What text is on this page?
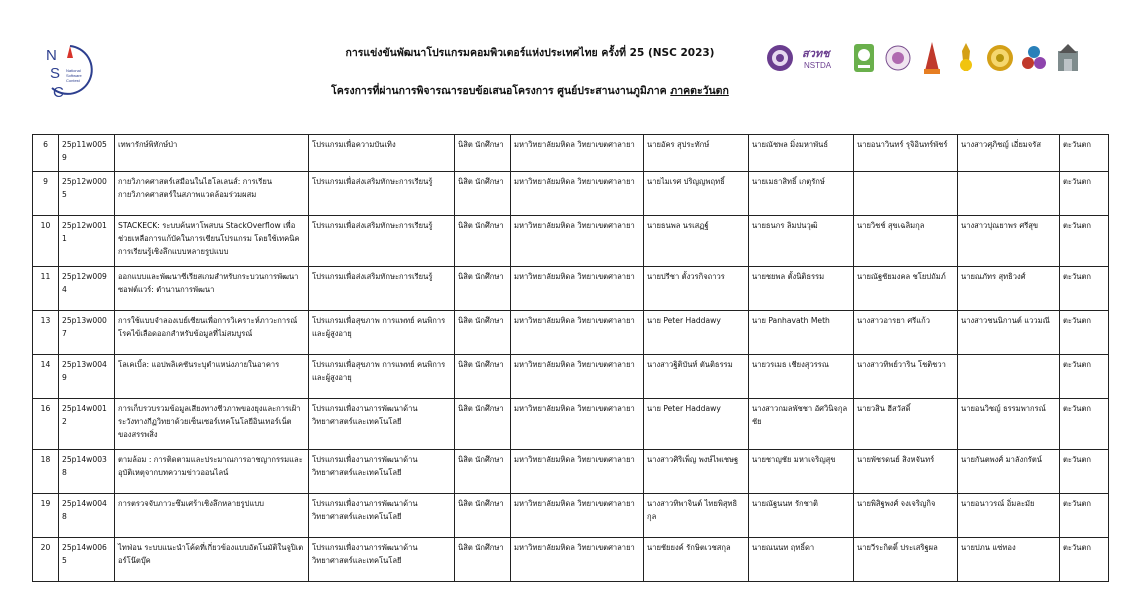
N
S
C
National
Software
Contest
การแข่งขันพัฒนาโปรแกรมคอมพิวเตอร์แห่งประเทศไทย ครั้งที่ 25 (NSC 2023)
โครงการที่ผ่านการพิจารณารอบข้อเสนอโครงการ ศูนย์ประสานงานภูมิภาค ภาคตะวันตก
สวทช
NSTDA
6	25p11w0059	เทพารักษ์พิทักษ์ป่า	โปรแกรมเพื่อความบันเทิง	นิสิต นักศึกษา	มหาวิทยาลัยมหิดล วิทยาเขตศาลายา	นายอัคร สุประทักษ์	นายณัชพล มิ่งมหาพันธ์	นายอนาวินทร์ รุจิอินทร์พัชร์	นางสาวศุภิชญ์ เอี่ยมจรัส	ตะวันตก
9	25p12w0005	กายวิภาคศาสตร์เสมือนในไฮโลเลนส์: การเรียนกายวิภาคศาสตร์ในสภาพแวดล้อมร่วมผสม	โปรแกรมเพื่อส่งเสริมทักษะการเรียนรู้	นิสิต นักศึกษา	มหาวิทยาลัยมหิดล วิทยาเขตศาลายา	นายไมเรศ ปริญญพฤทธิ์	นายเมธาสิทธิ์ เกตุรักษ์			ตะวันตก
10	25p12w0011	STACKECK: ระบบค้นหาโพสบน StackOverflow เพื่อช่วยเหลือการแก้บัคในการเขียนโปรแกรม โดยใช้เทคนิคการเรียนรู้เชิงลึกแบบหลายรูปแบบ	โปรแกรมเพื่อส่งเสริมทักษะการเรียนรู้	นิสิต นักศึกษา	มหาวิทยาลัยมหิดล วิทยาเขตศาลายา	นายธนพล นรเสฏฐ์	นายธนกร ลิมปนวุฒิ	นายวิชช์ สุขเฉลิมกุล	นางสาวปุณยาพร ศรีสุข	ตะวันตก
11	25p12w0094	ออกแบบและพัฒนาซีเรียสเกมสำหรับกระบวนการพัฒนาซอฟต์แวร์: ตำนานการพัฒนา	โปรแกรมเพื่อส่งเสริมทักษะการเรียนรู้	นิสิต นักศึกษา	มหาวิทยาลัยมหิดล วิทยาเขตศาลายา	นายปรีชา ตั้งวรกิจถาวร	นายชยพล ตั้งนิติธรรม	นายณัฐชัยมงคล ชโยปถัมภ์	นายณภัทร สุทธิวงศ์	ตะวันตก
13	25p13w0007	การใช้แบบจำลองเบย์เซียนเพื่อการวิเคราะห์ภาวะการณ์โรคไข้เลือดออกสำหรับข้อมูลที่ไม่สมบูรณ์	โปรแกรมเพื่อสุขภาพ การแพทย์ คนพิการ และผู้สูงอายุ	นิสิต นักศึกษา	มหาวิทยาลัยมหิดล วิทยาเขตศาลายา	นาย Peter Haddawy	นาย Panhavath Meth	นางสาวอารยา ศรีแก้ว	นางสาวชนนิกานต์ แววมณี	ตะวันตก
14	25p13w0049	โลเคเบิ้ล: แอปพลิเคชันระบุตำแหน่งภายในอาคาร	โปรแกรมเพื่อสุขภาพ การแพทย์ คนพิการ และผู้สูงอายุ	นิสิต นักศึกษา	มหาวิทยาลัยมหิดล วิทยาเขตศาลายา	นางสาวฐิติบันท์ ตันติธรรม	นายวรเมธ เชียงสุวรรณ	นางสาวทิพย์วาริน โชติชวา		ตะวันตก
16	25p14w0012	การเก็บรวบรวมข้อมูลเสียงทางชีวภาพของยุงและการเฝ้าระวังทางกีฏวิทยาด้วยเซ็นเซอร์เทคโนโลยีอินเทอร์เน็ตของสรรพสิ่ง	โปรแกรมเพื่องานการพัฒนาด้านวิทยาศาสตร์และเทคโนโลยี	นิสิต นักศึกษา	มหาวิทยาลัยมหิดล วิทยาเขตศาลายา	นาย Peter Haddawy	นางสาวกมลพัชชา อัศวินิจกุลชัย	นายวสิน ฮีสวัสดิ์	นายอนวิชญ์ ธรรมพากรณ์	ตะวันตก
18	25p14w0038	ตามล้อม : การติดตามและประมาณการอาชญากรรมและอุบัติเหตุจากบทความข่าวออนไลน์	โปรแกรมเพื่องานการพัฒนาด้านวิทยาศาสตร์และเทคโนโลยี	นิสิต นักศึกษา	มหาวิทยาลัยมหิดล วิทยาเขตศาลายา	นางสาวศิริเพ็ญ พงษ์ไพเชษฐ	นายชาญชัย มหาเจริญสุข	นายพัชรดนย์ สิงหจันทร์	นายกันตพงศ์ มาลังกรัตน์	ตะวันตก
19	25p14w0048	การตรวจจับภาวะซึมเศร้าเชิงลึกหลายรูปแบบ	โปรแกรมเพื่องานการพัฒนาด้านวิทยาศาสตร์และเทคโนโลยี	นิสิต นักศึกษา	มหาวิทยาลัยมหิดล วิทยาเขตศาลายา	นางสาวทิพาจินต์ ไทยพิสุทธิกุล	นายณัฐนนท รักชาติ	นายพิสิฐพงศ์ จงเจริญกิจ	นายอนาวรณ์ อิ่มละมัย	ตะวันตก
20	25p14w0065	ไทฟ่อน ระบบแนะนำโค้ดที่เกี่ยวข้องแบบอัตโนมัติในจูปิเตอร์โน๊ตบุ๊ค	โปรแกรมเพื่องานการพัฒนาด้านวิทยาศาสตร์และเทคโนโลยี	นิสิต นักศึกษา	มหาวิทยาลัยมหิดล วิทยาเขตศาลายา	นายชัยยงค์ รักษิตเวชสกุล	นายณนนท ฤทธิ์ดา	นายวีระกิตติ์ ประเสริฐผล	นายปภน แซ่ทอง	ตะวันตก
